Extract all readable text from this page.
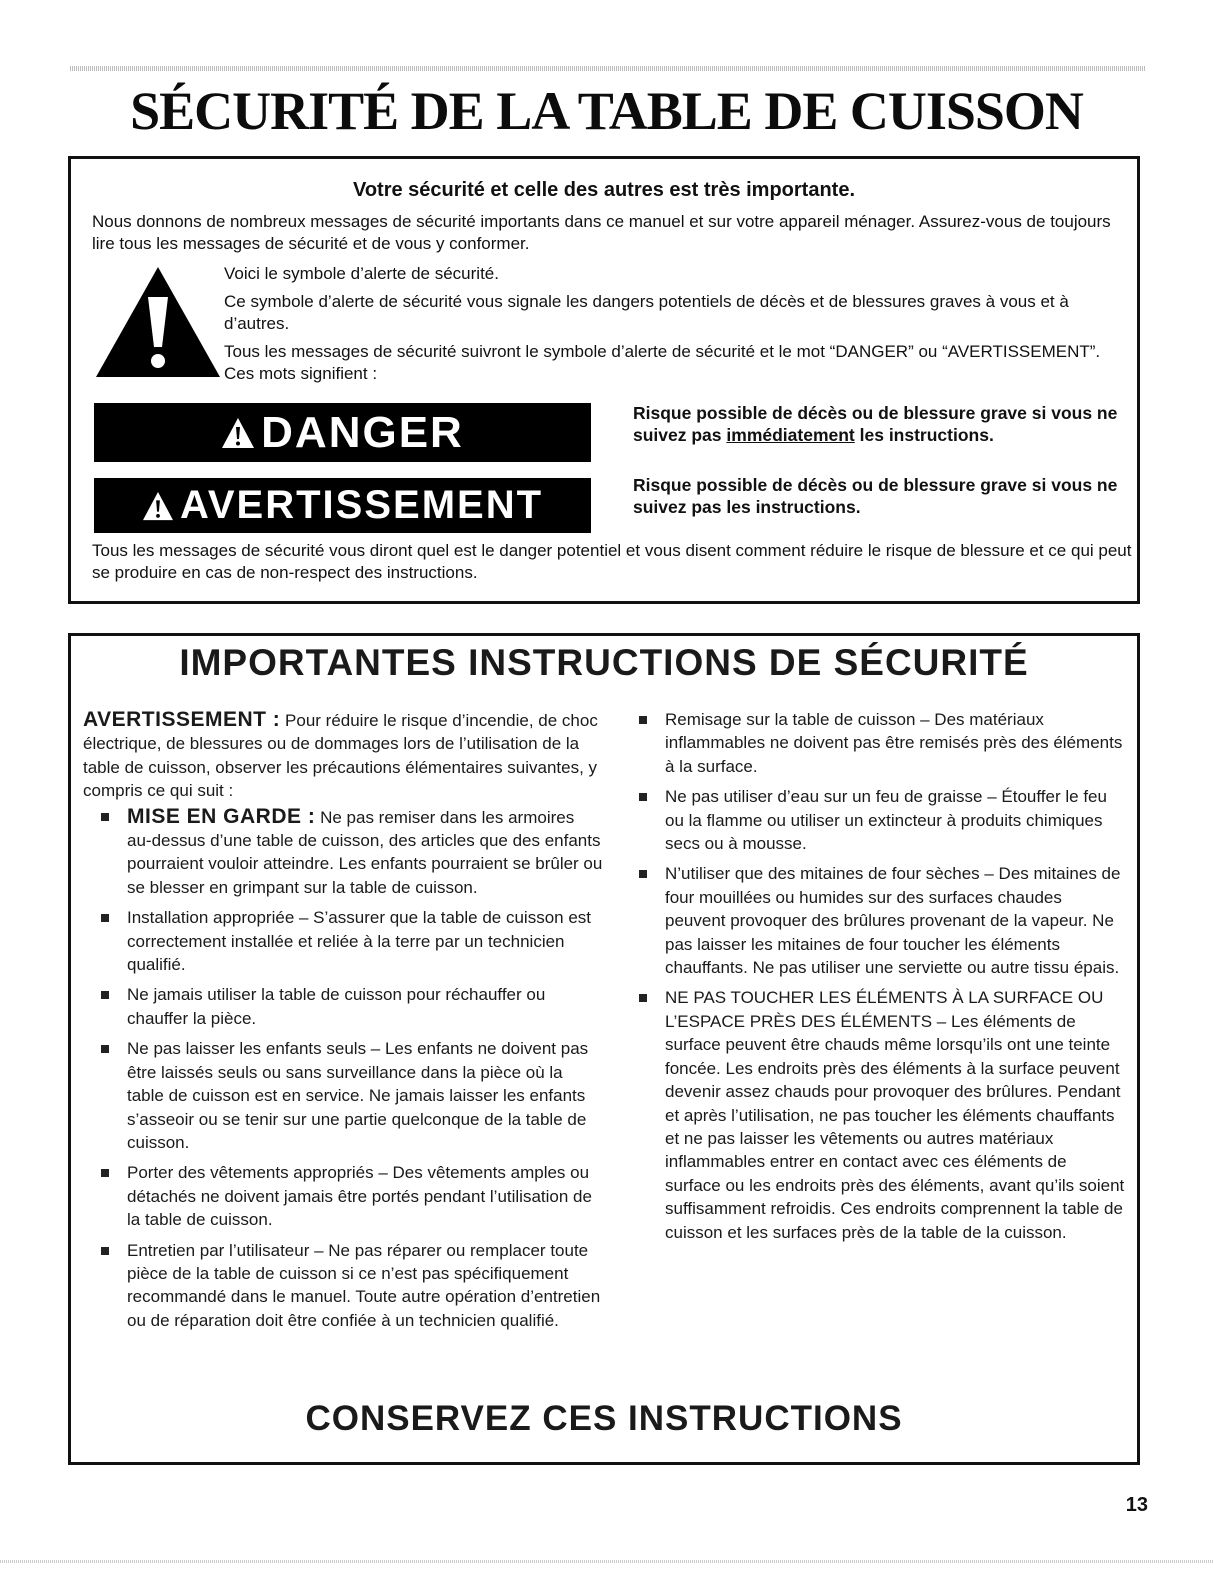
SÉCURITÉ DE LA TABLE DE CUISSON
Votre sécurité et celle des autres est très importante.

Nous donnons de nombreux messages de sécurité importants dans ce manuel et sur votre appareil ménager. Assurez-vous de toujours lire tous les messages de sécurité et de vous y conformer.

Voici le symbole d’alerte de sécurité.

Ce symbole d’alerte de sécurité vous signale les dangers potentiels de décès et de blessures graves à vous et à d’autres.

Tous les messages de sécurité suivront le symbole d’alerte de sécurité et le mot “DANGER” ou “AVERTISSEMENT”. Ces mots signifient :

DANGER	Risque possible de décès ou de blessure grave si vous ne suivez pas immédiatement les instructions.

AVERTISSEMENT	Risque possible de décès ou de blessure grave si vous ne suivez pas les instructions.

Tous les messages de sécurité vous diront quel est le danger potentiel et vous disent comment réduire le risque de blessure et ce qui peut se produire en cas de non-respect des instructions.

IMPORTANTES INSTRUCTIONS DE SÉCURITÉ

AVERTISSEMENT : Pour réduire le risque d’incendie, de choc électrique, de blessures ou de dommages lors de l’utilisation de la table de cuisson, observer les précautions élémentaires suivantes, y compris ce qui suit :

MISE EN GARDE : Ne pas remiser dans les armoires au-dessus d’une table de cuisson, des articles que des enfants pourraient vouloir atteindre. Les enfants pourraient se brûler ou se blesser en grimpant sur la table de cuisson.

Installation appropriée – S’assurer que la table de cuisson est correctement installée et reliée à la terre par un technicien qualifié.

Ne jamais utiliser la table de cuisson pour réchauffer ou chauffer la pièce.

Ne pas laisser les enfants seuls – Les enfants ne doivent pas être laissés seuls ou sans surveillance dans la pièce où la table de cuisson est en service. Ne jamais laisser les enfants s’asseoir ou se tenir sur une partie quelconque de la table de cuisson.

Porter des vêtements appropriés – Des vêtements amples ou détachés ne doivent jamais être portés pendant l’utilisation de la table de cuisson.

Entretien par l’utilisateur – Ne pas réparer ou remplacer toute pièce de la table de cuisson si ce n’est pas spécifiquement recommandé dans le manuel. Toute autre opération d’entretien ou de réparation doit être confiée à un technicien qualifié.

Remisage sur la table de cuisson – Des matériaux inflammables ne doivent pas être remisés près des éléments à la surface.

Ne pas utiliser d’eau sur un feu de graisse – Étouffer le feu ou la flamme ou utiliser un extincteur à produits chimiques secs ou à mousse.

N’utiliser que des mitaines de four sèches – Des mitaines de four mouillées ou humides sur des surfaces chaudes peuvent provoquer des brûlures provenant de la vapeur. Ne pas laisser les mitaines de four toucher les éléments chauffants. Ne pas utiliser une serviette ou autre tissu épais.

NE PAS TOUCHER LES ÉLÉMENTS À LA SURFACE OU L’ESPACE PRÈS DES ÉLÉMENTS – Les éléments de surface peuvent être chauds même lorsqu’ils ont une teinte foncée. Les endroits près des éléments à la surface peuvent devenir assez chauds pour provoquer des brûlures. Pendant et après l’utilisation, ne pas toucher les éléments chauffants et ne pas laisser les vêtements ou autres matériaux inflammables entrer en contact avec ces éléments de surface ou les endroits près des éléments, avant qu’ils soient suffisamment refroidis. Ces endroits comprennent la table de cuisson et les surfaces près de la table de la cuisson.

CONSERVEZ CES INSTRUCTIONS
13
